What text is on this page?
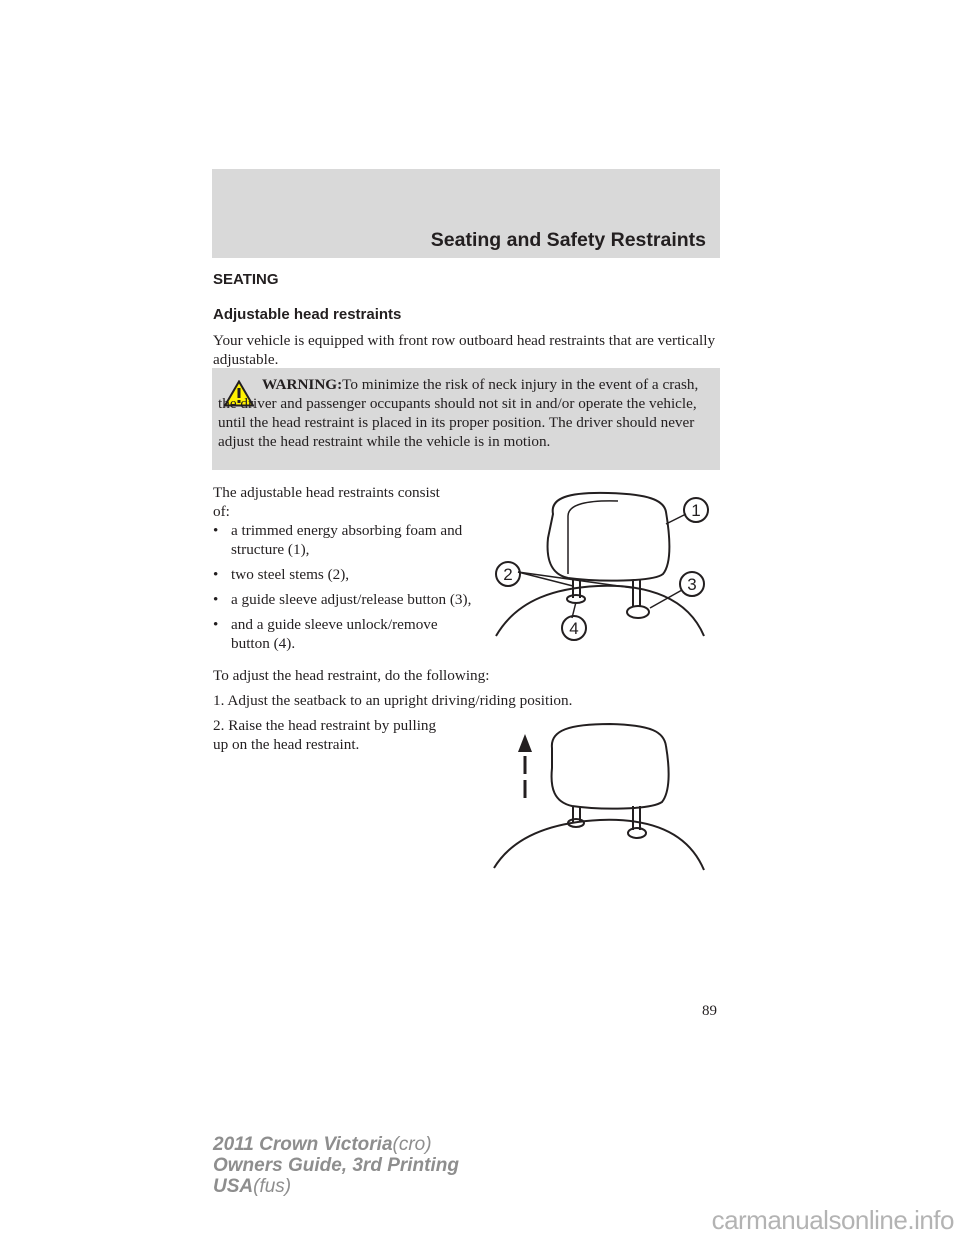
Seating and Safety Restraints
SEATING
Adjustable head restraints
Your vehicle is equipped with front row outboard head restraints that are vertically adjustable.
WARNING:To minimize the risk of neck injury in the event of a crash, the driver and passenger occupants should not sit in and/or operate the vehicle, until the head restraint is placed in its proper position. The driver should never adjust the head restraint while the vehicle is in motion.
The adjustable head restraints consist of:
• a trimmed energy absorbing foam and structure (1),
• two steel stems (2),
• a guide sleeve adjust/release button (3),
• and a guide sleeve unlock/remove button (4).
1
2
3
4
To adjust the head restraint, do the following:
1. Adjust the seatback to an upright driving/riding position.
2. Raise the head restraint by pulling up on the head restraint.
89
2011 Crown Victoria(cro)
Owners Guide, 3rd Printing
USA(fus)
carmanualsonline.info
